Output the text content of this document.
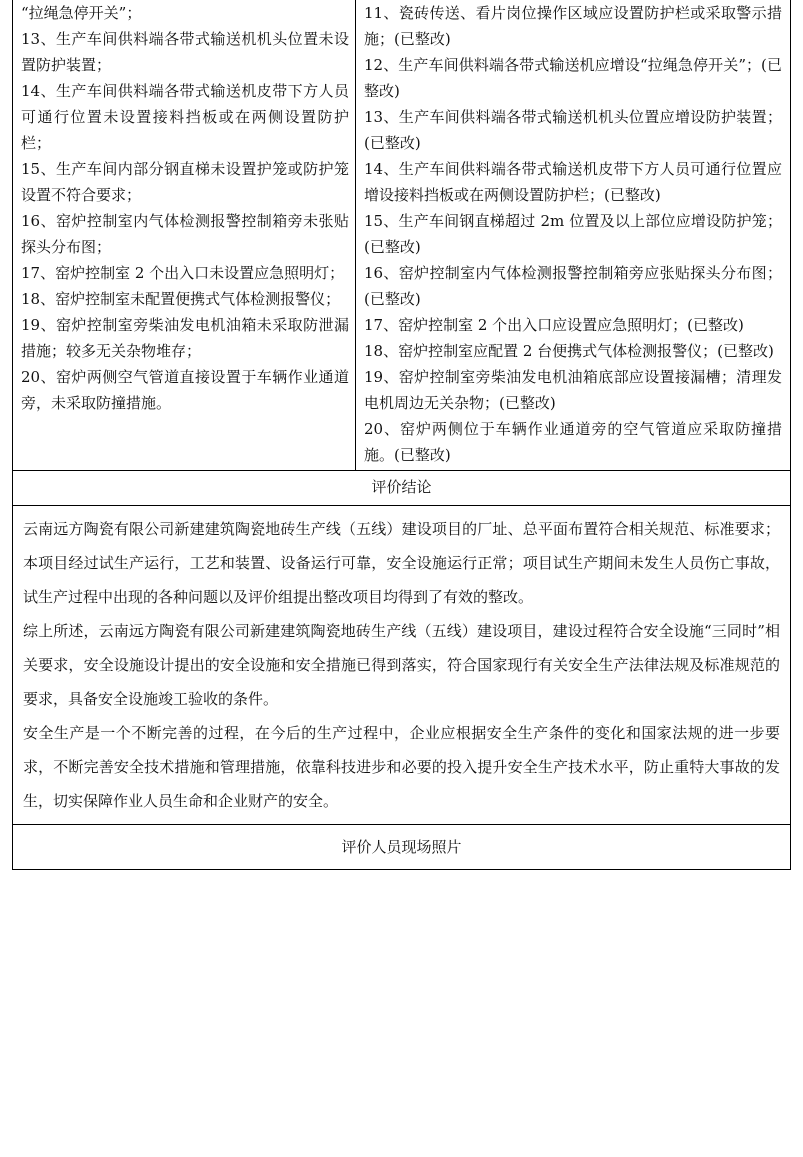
“拉绳急停开关”；
13、生产车间供料端各带式输送机机头位置未设置防护装置；
14、生产车间供料端各带式输送机皮带下方人员可通行位置未设置接料挡板或在两侧设置防护栏；
15、生产车间内部分钢直梯未设置护笼或防护笼设置不符合要求；
16、窑炉控制室内气体检测报警控制箱旁未张贴探头分布图；
17、窑炉控制室 2 个出入口未设置应急照明灯；
18、窑炉控制室未配置便携式气体检测报警仪；
19、窑炉控制室旁柴油发电机油箱未采取防泄漏措施；较多无关杂物堆存；
20、窑炉两侧空气管道直接设置于车辆作业通道旁，未采取防撞措施。
11、瓷砖传送、看片岗位操作区域应设置防护栏或采取警示措施；(已整改)
12、生产车间供料端各带式输送机应增设“拉绳急停开关”；(已整改)
13、生产车间供料端各带式输送机机头位置应增设防护装置；(已整改)
14、生产车间供料端各带式输送机皮带下方人员可通行位置应增设接料挡板或在两侧设置防护栏；(已整改)
15、生产车间钢直梯超过 2m 位置及以上部位应增设防护笼；(已整改)
16、窑炉控制室内气体检测报警控制箱旁应张贴探头分布图；(已整改)
17、窑炉控制室 2 个出入口应设置应急照明灯；(已整改)
18、窑炉控制室应配置 2 台便携式气体检测报警仪；(已整改)
19、窑炉控制室旁柴油发电机油箱底部应设置接漏槽；清理发电机周边无关杂物；(已整改)
20、窑炉两侧位于车辆作业通道旁的空气管道应采取防撞措施。(已整改)
评价结论

云南远方陶瓷有限公司新建建筑陶瓷地砖生产线（五线）建设项目的厂址、总平面布置符合相关规范、标准要求；本项目经过试生产运行，工艺和装置、设备运行可靠，安全设施运行正常；项目试生产期间未发生人员伤亡事故，试生产过程中出现的各种问题以及评价组提出整改项目均得到了有效的整改。

综上所述，云南远方陶瓷有限公司新建建筑陶瓷地砖生产线（五线）建设项目，建设过程符合安全设施“三同时”相关要求，安全设施设计提出的安全设施和安全措施已得到落实，符合国家现行有关安全生产法律法规及标准规范的要求，具备安全设施竣工验收的条件。

安全生产是一个不断完善的过程，在今后的生产过程中，企业应根据安全生产条件的变化和国家法规的进一步要求，不断完善安全技术措施和管理措施，依靠科技进步和必要的投入提升安全生产技术水平，防止重特大事故的发生，切实保障作业人员生命和企业财产的安全。

评价人员现场照片
